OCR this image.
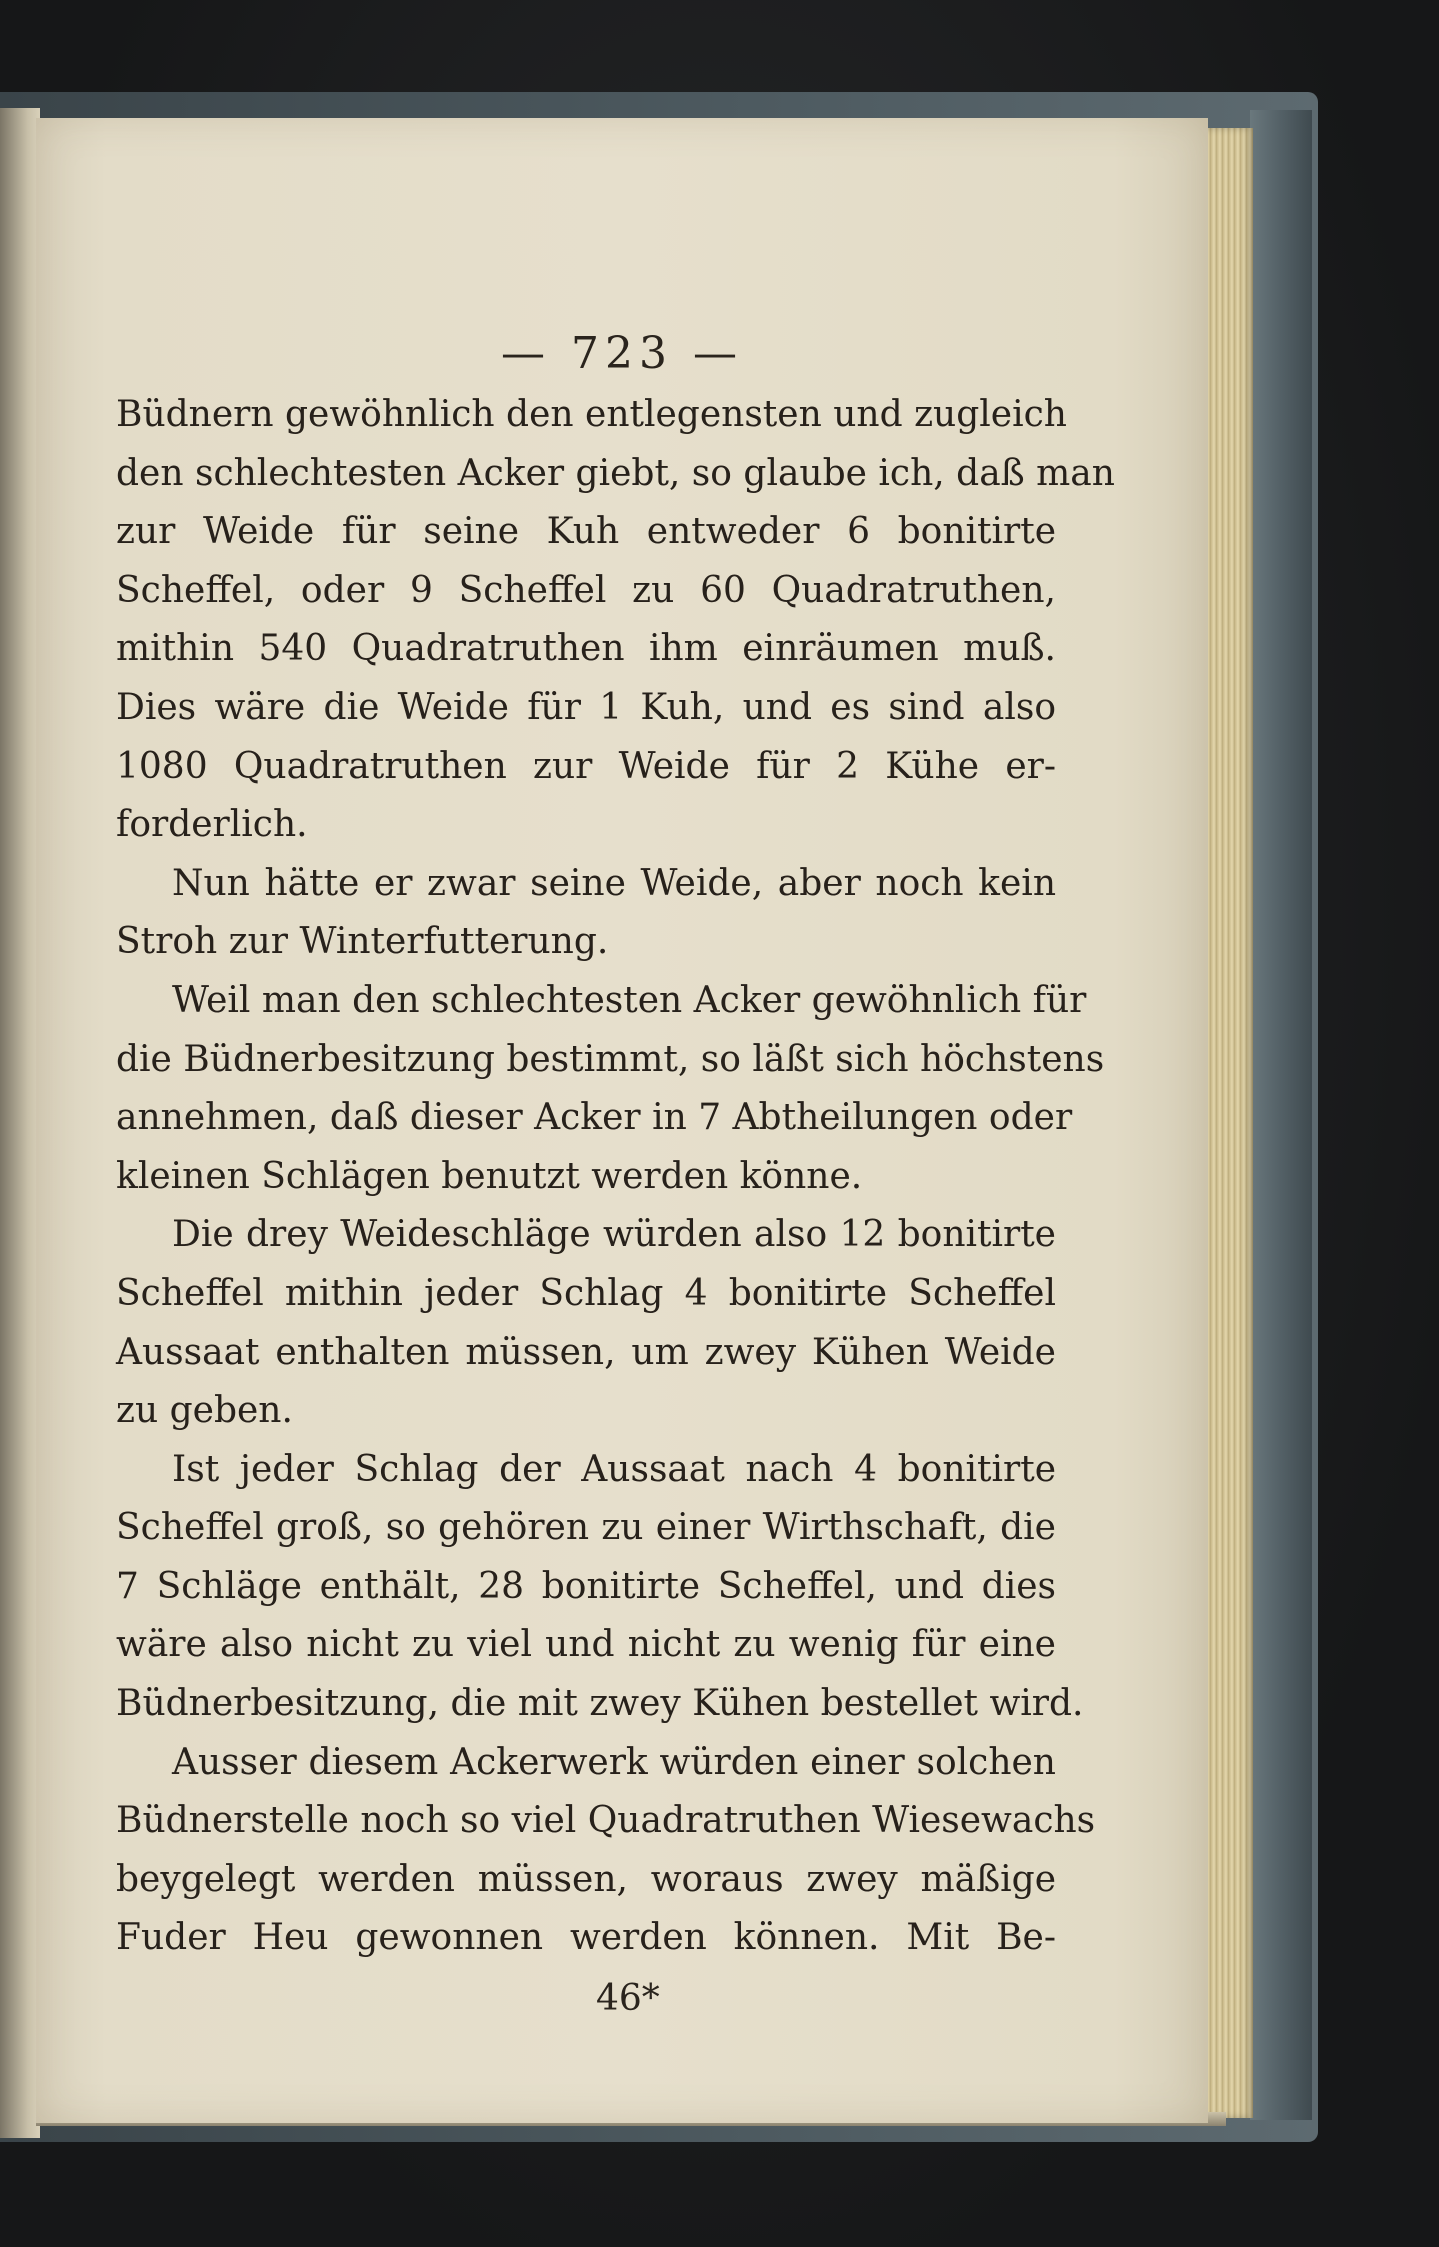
— 723 —
Büdnern gewöhnlich den entlegensten und zugleich
den schlechtesten Acker giebt, so glaube ich, daß man
zur Weide für seine Kuh entweder 6 bonitirte
Scheffel, oder 9 Scheffel zu 60 Quadratruthen,
mithin 540 Quadratruthen ihm einräumen muß.
Dies wäre die Weide für 1 Kuh, und es sind also
1080 Quadratruthen zur Weide für 2 Kühe er-
forderlich.
Nun hätte er zwar seine Weide, aber noch kein
Stroh zur Winterfutterung.
Weil man den schlechtesten Acker gewöhnlich für
die Büdnerbesitzung bestimmt, so läßt sich höchstens
annehmen, daß dieser Acker in 7 Abtheilungen oder
kleinen Schlägen benutzt werden könne.
Die drey Weideschläge würden also 12 bonitirte
Scheffel mithin jeder Schlag 4 bonitirte Scheffel
Aussaat enthalten müssen, um zwey Kühen Weide
zu geben.
Ist jeder Schlag der Aussaat nach 4 bonitirte
Scheffel groß, so gehören zu einer Wirthschaft, die
7 Schläge enthält, 28 bonitirte Scheffel, und dies
wäre also nicht zu viel und nicht zu wenig für eine
Büdnerbesitzung, die mit zwey Kühen bestellet wird.
Ausser diesem Ackerwerk würden einer solchen
Büdnerstelle noch so viel Quadratruthen Wiesewachs
beygelegt werden müssen, woraus zwey mäßige
Fuder Heu gewonnen werden können. Mit Be-
46*
